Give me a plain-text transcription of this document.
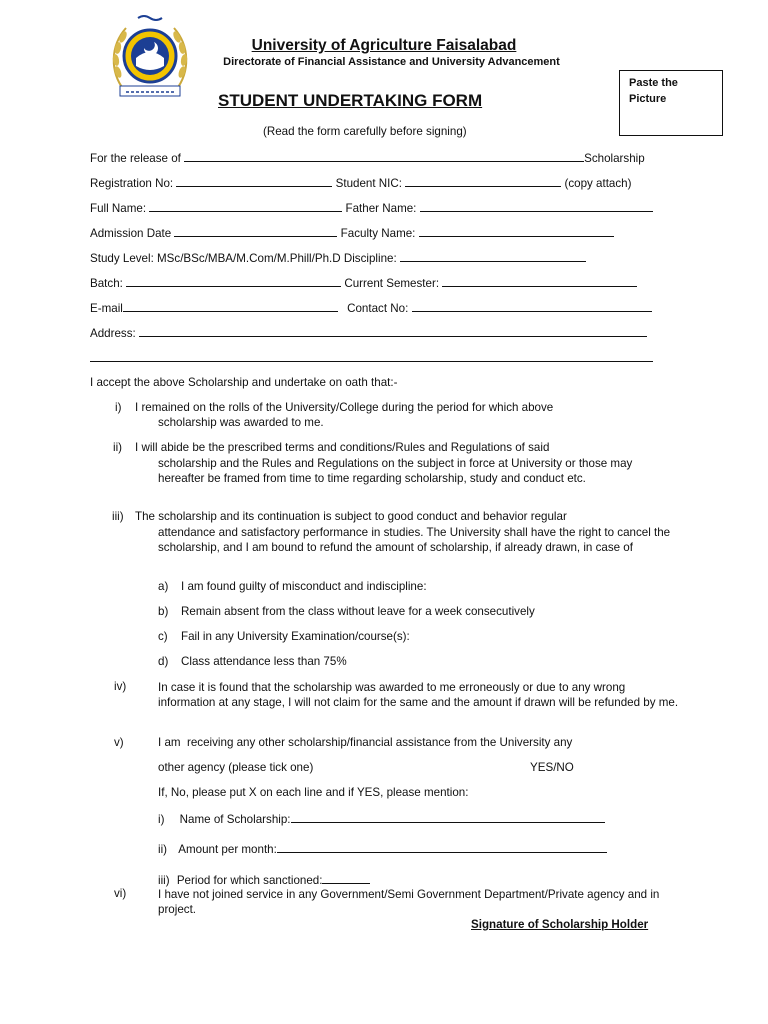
University of Agriculture Faisalabad
Directorate of Financial Assistance and University Advancement
STUDENT UNDERTAKING FORM
(Read the form carefully before signing)
Paste the Picture
For the release of	Scholarship
Registration No:	Student NIC:	(copy attach)
Full Name:	Father Name:
Admission Date	Faculty Name:
Study Level: MSc/BSc/MBA/M.Com/M.Phill/Ph.D Discipline:
Batch:	Current Semester:
E-mail	Contact No:
Address:
I accept the above Scholarship and undertake on oath that:-
i) I remained on the rolls of the University/College during the period for which above
scholarship was awarded to me.
ii) I will abide be the prescribed terms and conditions/Rules and Regulations of said
scholarship and the Rules and Regulations on the subject in force at University or those may hereafter be framed from time to time regarding scholarship, study and conduct etc.
iii) The scholarship and its continuation is subject to good conduct and behavior regular
attendance and satisfactory performance in studies. The University shall have the right to cancel the scholarship, and I am bound to refund the amount of scholarship, if already drawn, in case of
a) I am found guilty of misconduct and indiscipline:
b) Remain absent from the class without leave for a week consecutively
c) Fail in any University Examination/course(s):
d) Class attendance less than 75%
iv)	In case it is found that the scholarship was awarded to me erroneously or due to any wrong information at any stage, I will not claim for the same and the amount if drawn will be refunded by me.
v)	I am  receiving any other scholarship/financial assistance from the University any
other agency (please tick one)	YES/NO
If, No, please put X on each line and if YES, please mention:
i) Name of Scholarship:
ii) Amount per month:
iii) Period for which sanctioned:
vi)	I have not joined service in any Government/Semi Government Department/Private agency and in project.
Signature of Scholarship Holder
